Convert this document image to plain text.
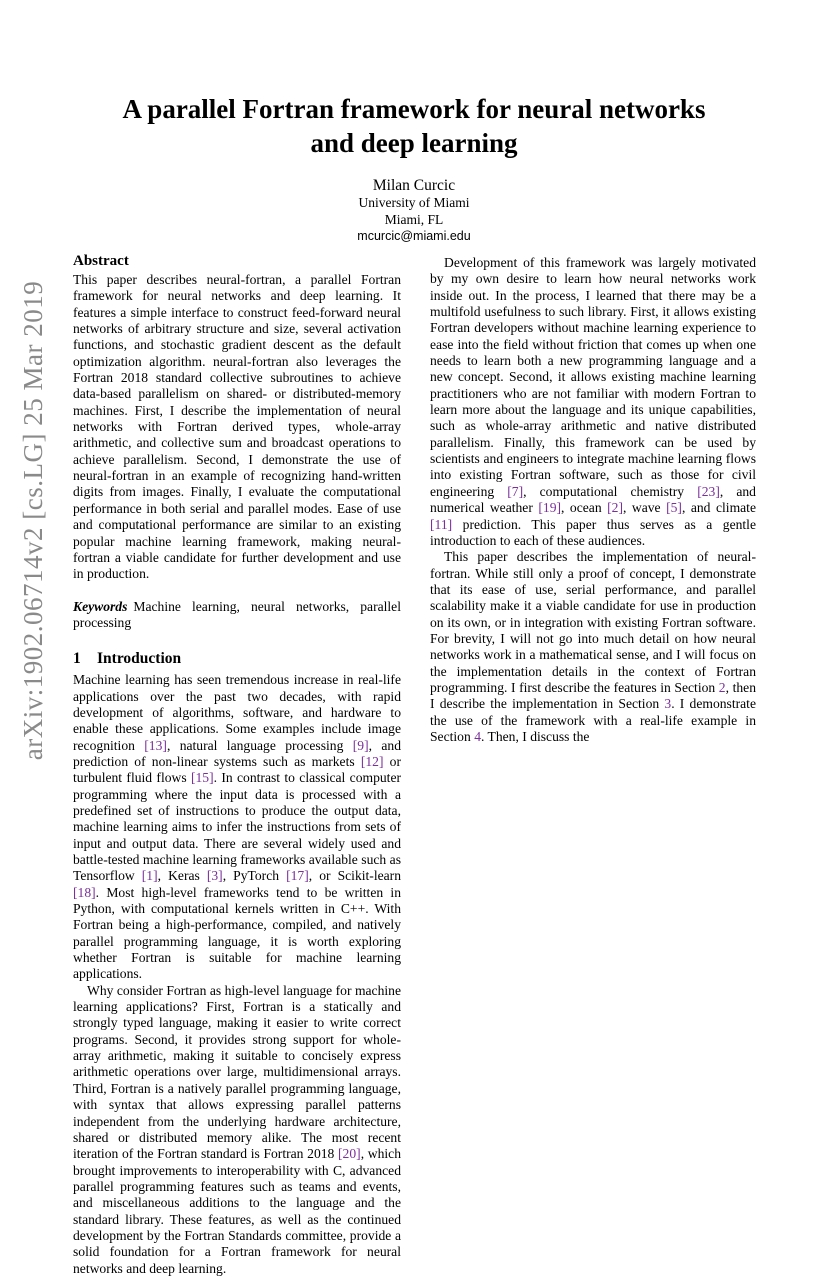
arXiv:1902.06714v2 [cs.LG] 25 Mar 2019
A parallel Fortran framework for neural networks
and deep learning
Milan Curcic
University of Miami
Miami, FL
mcurcic@miami.edu
Abstract

This paper describes neural-fortran, a parallel Fortran framework for neural networks and deep learning. It features a simple interface to construct feed-forward neural networks of arbitrary structure and size, several activation functions, and stochastic gradient descent as the default optimization algorithm. neural-fortran also leverages the Fortran 2018 standard collective subroutines to achieve data-based parallelism on shared- or distributed-memory machines. First, I describe the implementation of neural networks with Fortran derived types, whole-array arithmetic, and collective sum and broadcast operations to achieve parallelism. Second, I demonstrate the use of neural-fortran in an example of recognizing hand-written digits from images. Finally, I evaluate the computational performance in both serial and parallel modes. Ease of use and computational performance are similar to an existing popular machine learning framework, making neural-fortran a viable candidate for further development and use in production.

Keywords Machine learning, neural networks, parallel processing

1 Introduction

Machine learning has seen tremendous increase in real-life applications over the past two decades, with rapid development of algorithms, software, and hardware to enable these applications. Some examples include image recognition [13], natural language processing [9], and prediction of non-linear systems such as markets [12] or turbulent fluid flows [15]. In contrast to classical computer programming where the input data is processed with a predefined set of instructions to produce the output data, machine learning aims to infer the instructions from sets of input and output data. There are several widely used and battle-tested machine learning frameworks available such as Tensorflow [1], Keras [3], PyTorch [17], or Scikit-learn [18]. Most high-level frameworks tend to be written in Python, with computational kernels written in C++. With Fortran being a high-performance, compiled, and natively parallel programming language, it is worth exploring whether Fortran is suitable for machine learning applications.

Why consider Fortran as high-level language for machine learning applications? First, Fortran is a statically and strongly typed language, making it easier to write correct programs. Second, it provides strong support for whole-array arithmetic, making it suitable to concisely express arithmetic operations over large, multidimensional arrays. Third, Fortran is a natively parallel programming language, with syntax that allows expressing parallel patterns independent from the underlying hardware architecture, shared or distributed memory alike. The most recent iteration of the Fortran standard is Fortran 2018 [20], which brought improvements to interoperability with C, advanced parallel programming features such as teams and events, and miscellaneous additions to the language and the standard library. These features, as well as the continued development by the Fortran Standards committee, provide a solid foundation for a Fortran framework for neural networks and deep learning.

Development of this framework was largely motivated by my own desire to learn how neural networks work inside out. In the process, I learned that there may be a multifold usefulness to such library. First, it allows existing Fortran developers without machine learning experience to ease into the field without friction that comes up when one needs to learn both a new programming language and a new concept. Second, it allows existing machine learning practitioners who are not familiar with modern Fortran to learn more about the language and its unique capabilities, such as whole-array arithmetic and native distributed parallelism. Finally, this framework can be used by scientists and engineers to integrate machine learning flows into existing Fortran software, such as those for civil engineering [7], computational chemistry [23], and numerical weather [19], ocean [2], wave [5], and climate [11] prediction. This paper thus serves as a gentle introduction to each of these audiences.

This paper describes the implementation of neural-fortran. While still only a proof of concept, I demonstrate that its ease of use, serial performance, and parallel scalability make it a viable candidate for use in production on its own, or in integration with existing Fortran software. For brevity, I will not go into much detail on how neural networks work in a mathematical sense, and I will focus on the implementation details in the context of Fortran programming. I first describe the features in Section 2, then I describe the implementation in Section 3. I demonstrate the use of the framework with a real-life example in Section 4. Then, I discuss the
